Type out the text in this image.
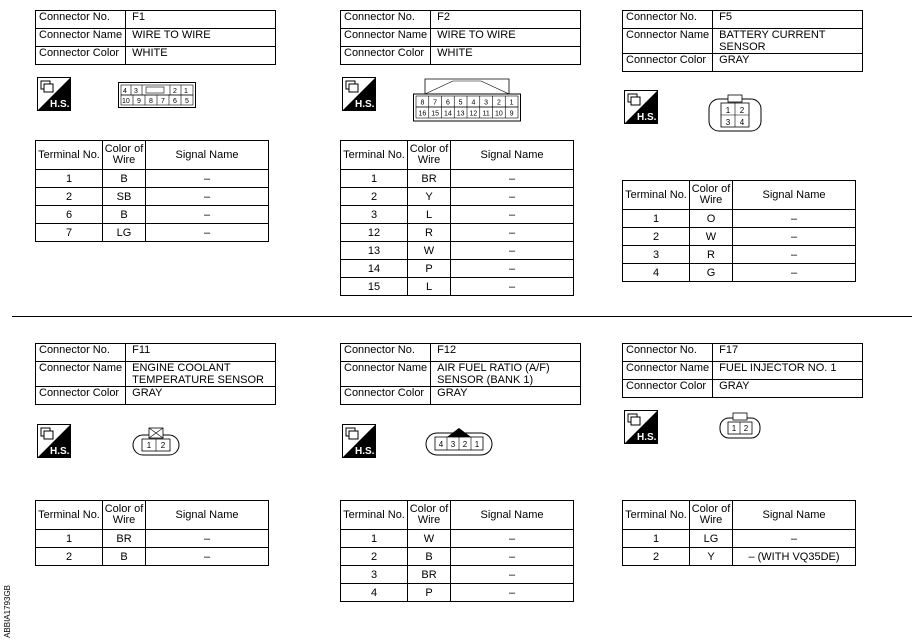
Connector No.	F1
Connector Name	WIRE TO WIRE
Connector Color	WHITE
H.S.
4 3	2 1
10 9 8 7 6 5
Terminal No.	Color of
Wire	Signal Name
1	B	–
2	SB	–
6	B	–
7	LG	–
Connector No.	F2
Connector Name	WIRE TO WIRE
Connector Color	WHITE
H.S.	8 7 6 5 4 3 2 1
16 15 14 13 12 11 10 9
Terminal No.	Color of
Wire	Signal Name
1	BR	–
2	Y	–
3	L	–
12	R	–
13	W	–
14	P	–
15	L	–
Connector No.	F5
Connector Name	BATTERY CURRENT
SENSOR
Connector Color	GRAY
H.S.
1 2
3 4
Terminal No.	Color of
Wire	Signal Name
1	O	–
2	W	–
3	R	–
4	G	–
Connector No.	F11
Connector Name	ENGINE COOLANT
TEMPERATURE SENSOR
Connector Color	GRAY
H.S.
1 2
Terminal No.	Color of
Wire	Signal Name
1	BR	–
2	B	–
Connector No.	F12
Connector Name	AIR FUEL RATIO (A/F)
SENSOR (BANK 1)
Connector Color	GRAY
H.S.
4 3 2 1
Terminal No.	Color of
Wire	Signal Name
1	W	–
2	B	–
3	BR	–
4	P	–
Connector No.	F17
Connector Name	FUEL INJECTOR NO. 1
Connector Color	GRAY
H.S.
1 2
Terminal No.	Color of
Wire	Signal Name
1	LG	–
2	Y	– (WITH VQ35DE)
ABBIA1793GB
